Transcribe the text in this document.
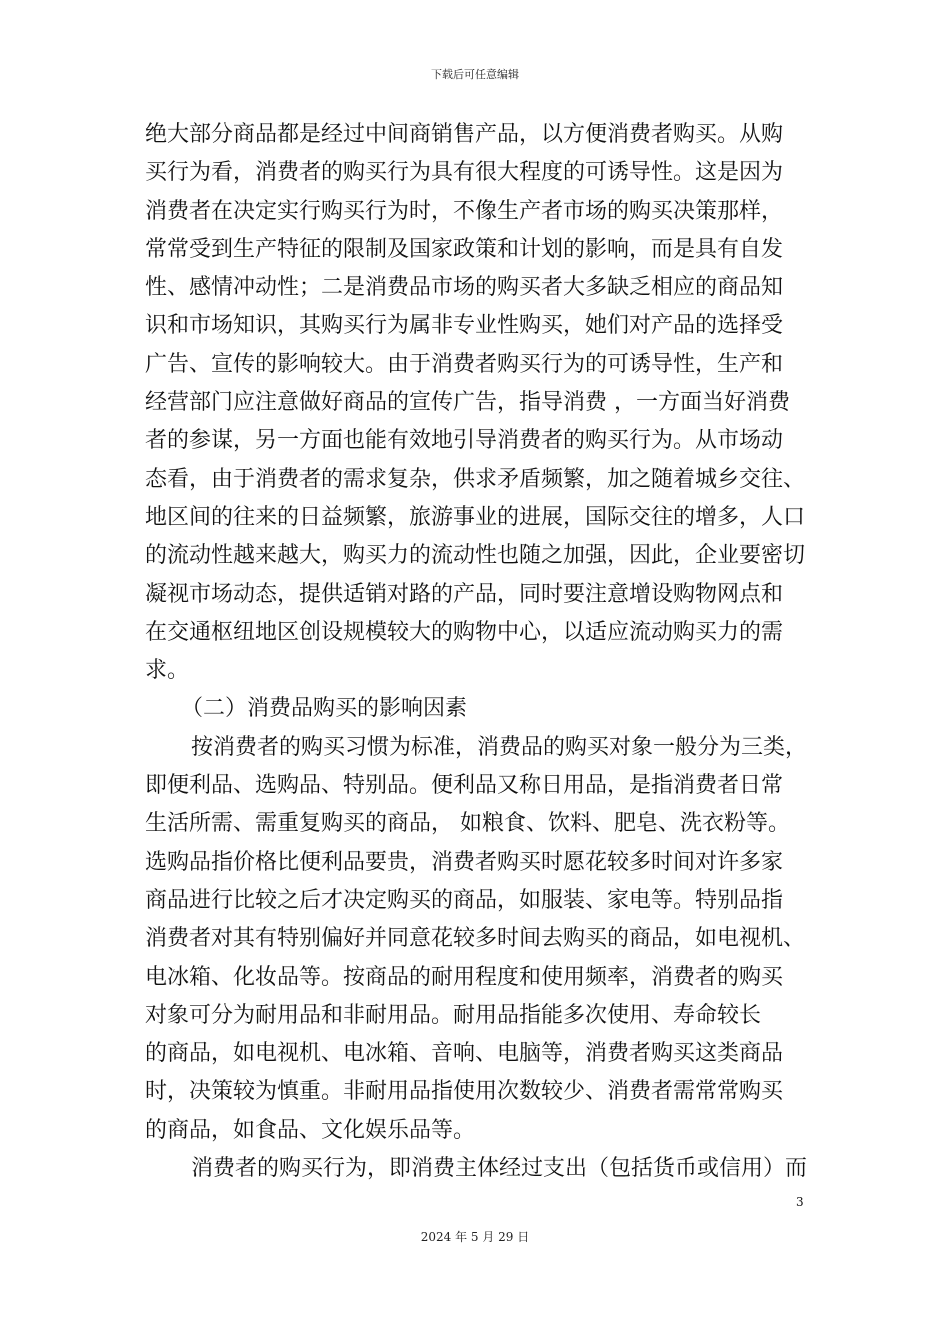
下载后可任意编辑
绝大部分商品都是经过中间商销售产品，以方便消费者购买。从购
买行为看，消费者的购买行为具有很大程度的可诱导性。这是因为
消费者在决定实行购买行为时，不像生产者市场的购买决策那样，
常常受到生产特征的限制及国家政策和计划的影响，而是具有自发
性、感情冲动性；二是消费品市场的购买者大多缺乏相应的商品知
识和市场知识，其购买行为属非专业性购买，她们对产品的选择受
广告、宣传的影响较大。由于消费者购买行为的可诱导性，生产和
经营部门应注意做好商品的宣传广告，指导消费 ，一方面当好消费
者的参谋，另一方面也能有效地引导消费者的购买行为。从市场动
态看，由于消费者的需求复杂，供求矛盾频繁，加之随着城乡交往、
地区间的往来的日益频繁，旅游事业的进展，国际交往的增多，人口
的流动性越来越大，购买力的流动性也随之加强，因此，企业要密切
凝视市场动态，提供适销对路的产品，同时要注意增设购物网点和
在交通枢纽地区创设规模较大的购物中心，以适应流动购买力的需
求。
（二）消费品购买的影响因素
按消费者的购买习惯为标准，消费品的购买对象一般分为三类，
即便利品、选购品、特别品。便利品又称日用品，是指消费者日常
生活所需、需重复购买的商品， 如粮食、饮料、肥皂、洗衣粉等。
选购品指价格比便利品要贵，消费者购买时愿花较多时间对许多家
商品进行比较之后才决定购买的商品，如服装、家电等。特别品指
消费者对其有特别偏好并同意花较多时间去购买的商品，如电视机、
电冰箱、化妆品等。按商品的耐用程度和使用频率，消费者的购买
对象可分为耐用品和非耐用品。耐用品指能多次使用、寿命较长
的商品，如电视机、电冰箱、音响、电脑等，消费者购买这类商品
时，决策较为慎重。非耐用品指使用次数较少、消费者需常常购买
的商品，如食品、文化娱乐品等。
消费者的购买行为，即消费主体经过支出（包括货币或信用）而
3
2024 年 5 月 29 日
